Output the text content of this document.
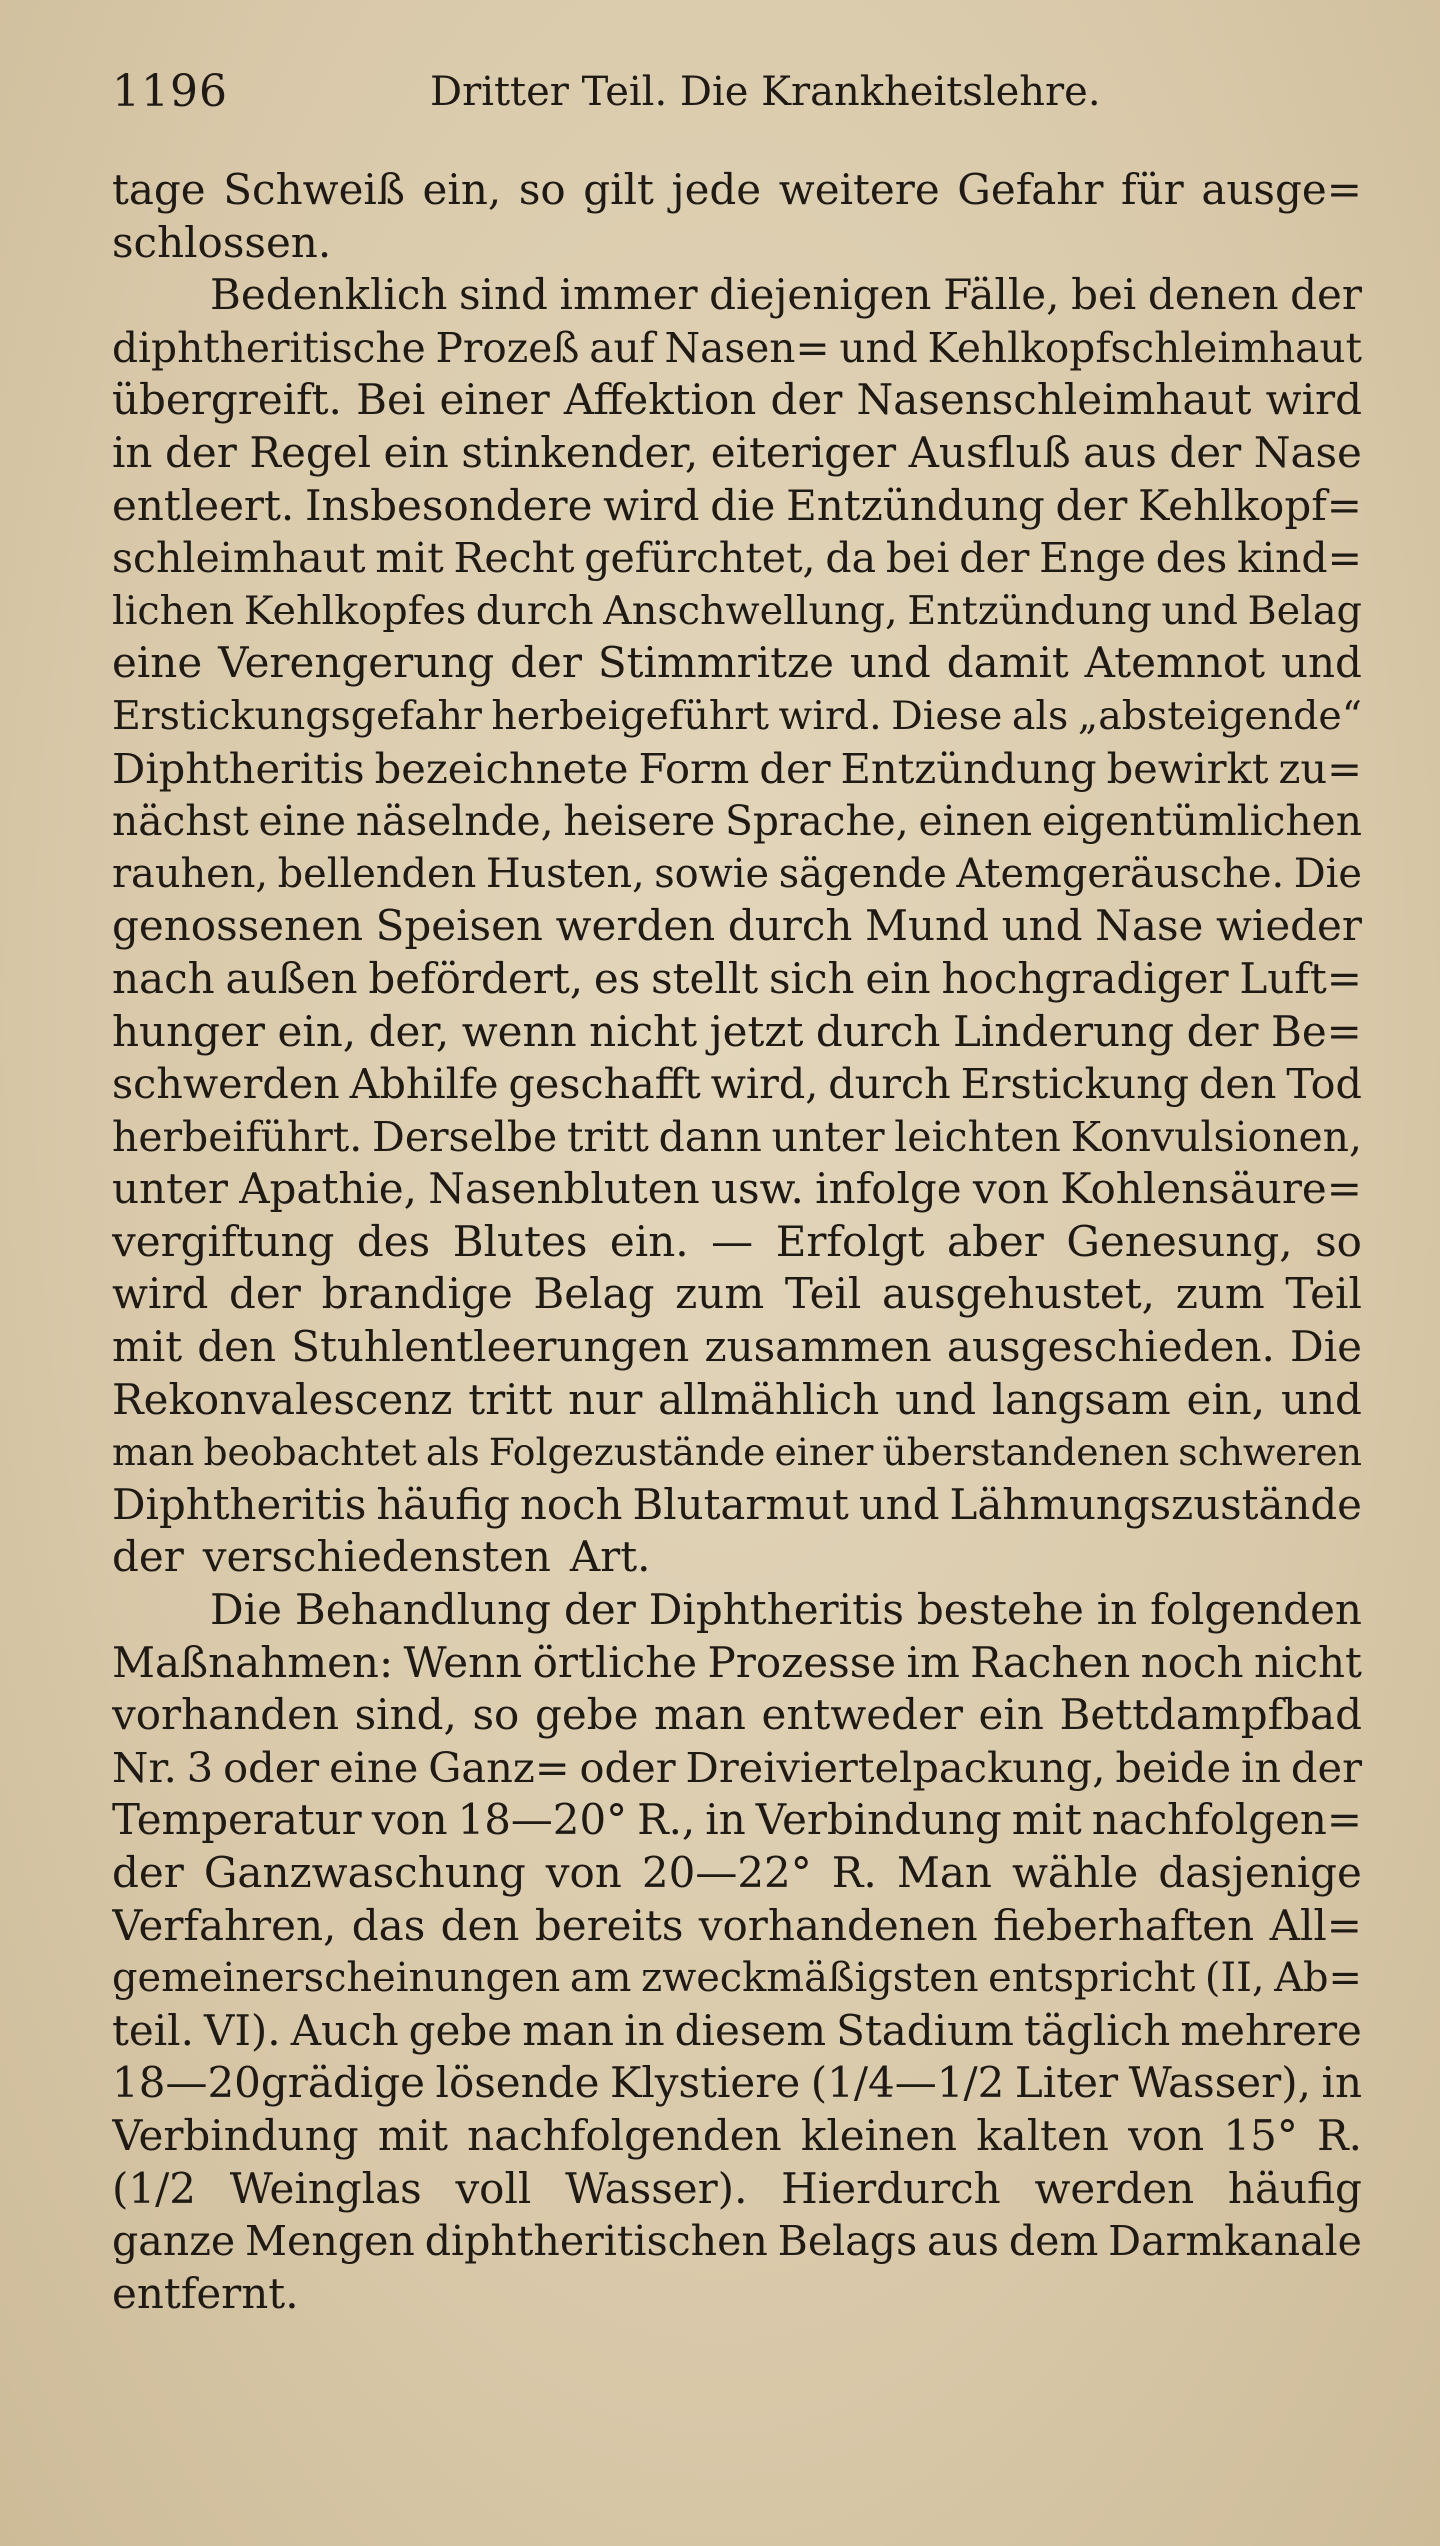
1196	Dritter Teil. Die Krankheitslehre.
tage Schweiß ein, so gilt jede weitere Gefahr für ausge=
schlossen.
Bedenklich sind immer diejenigen Fälle, bei denen der
diphtheritische Prozeß auf Nasen= und Kehlkopfschleimhaut
übergreift. Bei einer Affektion der Nasenschleimhaut wird
in der Regel ein stinkender, eiteriger Ausfluß aus der Nase
entleert. Insbesondere wird die Entzündung der Kehlkopf=
schleimhaut mit Recht gefürchtet, da bei der Enge des kind=
lichen Kehlkopfes durch Anschwellung, Entzündung und Belag
eine Verengerung der Stimmritze und damit Atemnot und
Erstickungsgefahr herbeigeführt wird. Diese als „absteigende“
Diphtheritis bezeichnete Form der Entzündung bewirkt zu=
nächst eine näselnde, heisere Sprache, einen eigentümlichen
rauhen, bellenden Husten, sowie sägende Atemgeräusche. Die
genossenen Speisen werden durch Mund und Nase wieder
nach außen befördert, es stellt sich ein hochgradiger Luft=
hunger ein, der, wenn nicht jetzt durch Linderung der Be=
schwerden Abhilfe geschafft wird, durch Erstickung den Tod
herbeiführt. Derselbe tritt dann unter leichten Konvulsionen,
unter Apathie, Nasenbluten usw. infolge von Kohlensäure=
vergiftung des Blutes ein. — Erfolgt aber Genesung, so
wird der brandige Belag zum Teil ausgehustet, zum Teil
mit den Stuhlentleerungen zusammen ausgeschieden. Die
Rekonvalescenz tritt nur allmählich und langsam ein, und
man beobachtet als Folgezustände einer überstandenen schweren
Diphtheritis häufig noch Blutarmut und Lähmungszustände
der verschiedensten Art.
Die Behandlung der Diphtheritis bestehe in folgenden
Maßnahmen: Wenn örtliche Prozesse im Rachen noch nicht
vorhanden sind, so gebe man entweder ein Bettdampfbad
Nr. 3 oder eine Ganz= oder Dreiviertelpackung, beide in der
Temperatur von 18—20° R., in Verbindung mit nachfolgen=
der Ganzwaschung von 20—22° R. Man wähle dasjenige
Verfahren, das den bereits vorhandenen fieberhaften All=
gemeinerscheinungen am zweckmäßigsten entspricht (II, Ab=
teil. VI). Auch gebe man in diesem Stadium täglich mehrere
18—20grädige lösende Klystiere (1/4—1/2 Liter Wasser), in
Verbindung mit nachfolgenden kleinen kalten von 15° R.
(1/2 Weinglas voll Wasser). Hierdurch werden häufig
ganze Mengen diphtheritischen Belags aus dem Darmkanale
entfernt.
